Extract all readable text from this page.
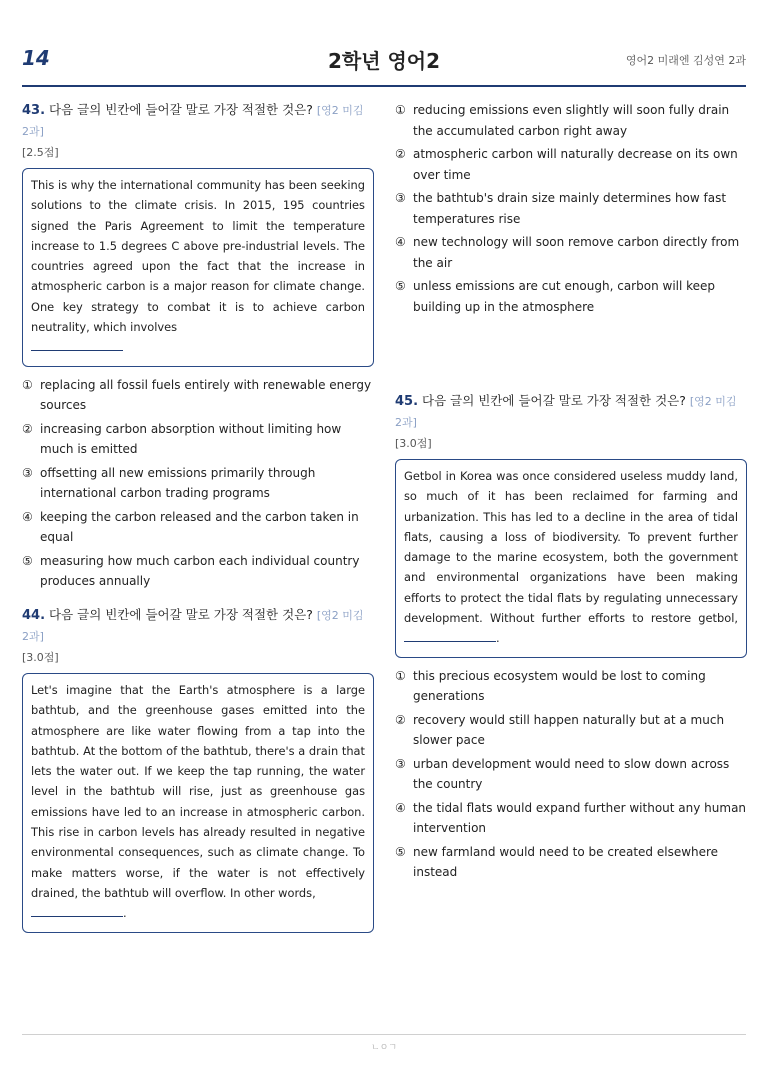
14	2학년 영어2	영어2 미래엔 김성연 2과
43. 다음 글의 빈칸에 들어갈 말로 가장 적절한 것은? [영2 미김 2과]
[2.5점]
This is why the international community has been seeking solutions to the climate crisis. In 2015, 195 countries signed the Paris Agreement to limit the temperature increase to 1.5 degrees C above pre-industrial levels. The countries agreed upon the fact that the increase in atmospheric carbon is a major reason for climate change. One key strategy to combat it is to achieve carbon neutrality, which involves

① replacing all fossil fuels entirely with renewable energy sources
② increasing carbon absorption without limiting how much is emitted
③ offsetting all new emissions primarily through international carbon trading programs
④ keeping the carbon released and the carbon taken in equal
⑤ measuring how much carbon each individual country produces annually
44. 다음 글의 빈칸에 들어갈 말로 가장 적절한 것은? [영2 미김 2과]
[3.0점]
Let's imagine that the Earth's atmosphere is a large bathtub, and the greenhouse gases emitted into the atmosphere are like water flowing from a tap into the bathtub. At the bottom of the bathtub, there's a drain that lets the water out. If we keep the tap running, the water level in the bathtub will rise, just as greenhouse gas emissions have led to an increase in atmospheric carbon. This rise in carbon levels has already resulted in negative environmental consequences, such as climate change. To make matters worse, if the water is not effectively drained, the bathtub will overflow. In other words,
.
① reducing emissions even slightly will soon fully drain the accumulated carbon right away
② atmospheric carbon will naturally decrease on its own over time
③ the bathtub's drain size mainly determines how fast temperatures rise
④ new technology will soon remove carbon directly from the air
⑤ unless emissions are cut enough, carbon will keep building up in the atmosphere
45. 다음 글의 빈칸에 들어갈 말로 가장 적절한 것은? [영2 미김 2과]
[3.0점]
Getbol in Korea was once considered useless muddy land, so much of it has been reclaimed for farming and urbanization. This has led to a decline in the area of tidal flats, causing a loss of biodiversity. To prevent further damage to the marine ecosystem, both the government and environmental organizations have been making efforts to protect the tidal flats by regulating unnecessary development. Without further efforts to restore getbol, .
① this precious ecosystem would be lost to coming generations
② recovery would still happen naturally but at a much slower pace
③ urban development would need to slow down across the country
④ the tidal flats would expand further without any human intervention
⑤ new farmland would need to be created elsewhere instead
ㄴㅇㄱ
